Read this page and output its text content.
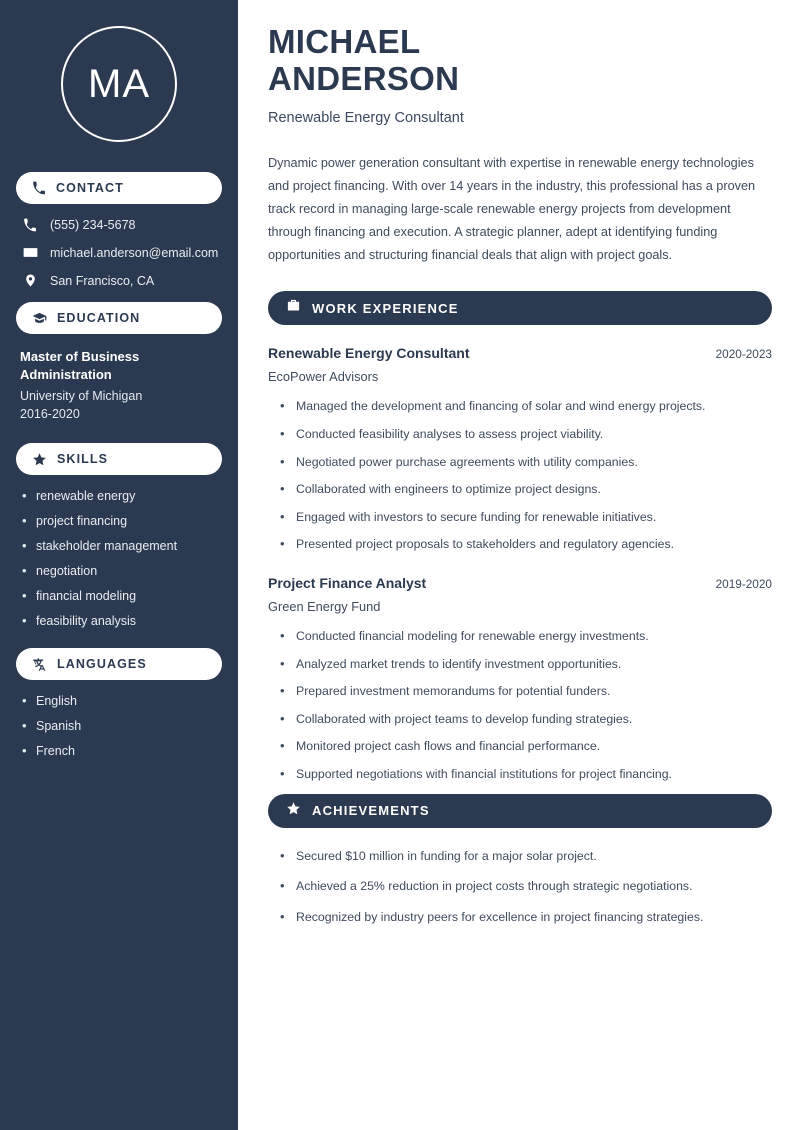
MA
CONTACT
(555) 234-5678
michael.anderson@email.com
San Francisco, CA
EDUCATION
Master of Business Administration
University of Michigan
2016-2020
SKILLS
• renewable energy
• project financing
• stakeholder management
• negotiation
• financial modeling
• feasibility analysis
LANGUAGES
• English
• Spanish
• French
MICHAEL
ANDERSON
Renewable Energy Consultant

Dynamic power generation consultant with expertise in renewable energy technologies and project financing. With over 14 years in the industry, this professional has a proven track record in managing large-scale renewable energy projects from development through financing and execution. A strategic planner, adept at identifying funding opportunities and structuring financial deals that align with project goals.

WORK EXPERIENCE
Renewable Energy Consultant	2020-2023
EcoPower Advisors
• Managed the development and financing of solar and wind energy projects.
• Conducted feasibility analyses to assess project viability.
• Negotiated power purchase agreements with utility companies.
• Collaborated with engineers to optimize project designs.
• Engaged with investors to secure funding for renewable initiatives.
• Presented project proposals to stakeholders and regulatory agencies.
Project Finance Analyst	2019-2020
Green Energy Fund
• Conducted financial modeling for renewable energy investments.
• Analyzed market trends to identify investment opportunities.
• Prepared investment memorandums for potential funders.
• Collaborated with project teams to develop funding strategies.
• Monitored project cash flows and financial performance.
• Supported negotiations with financial institutions for project financing.
ACHIEVEMENTS
• Secured $10 million in funding for a major solar project.
• Achieved a 25% reduction in project costs through strategic negotiations.
• Recognized by industry peers for excellence in project financing strategies.
